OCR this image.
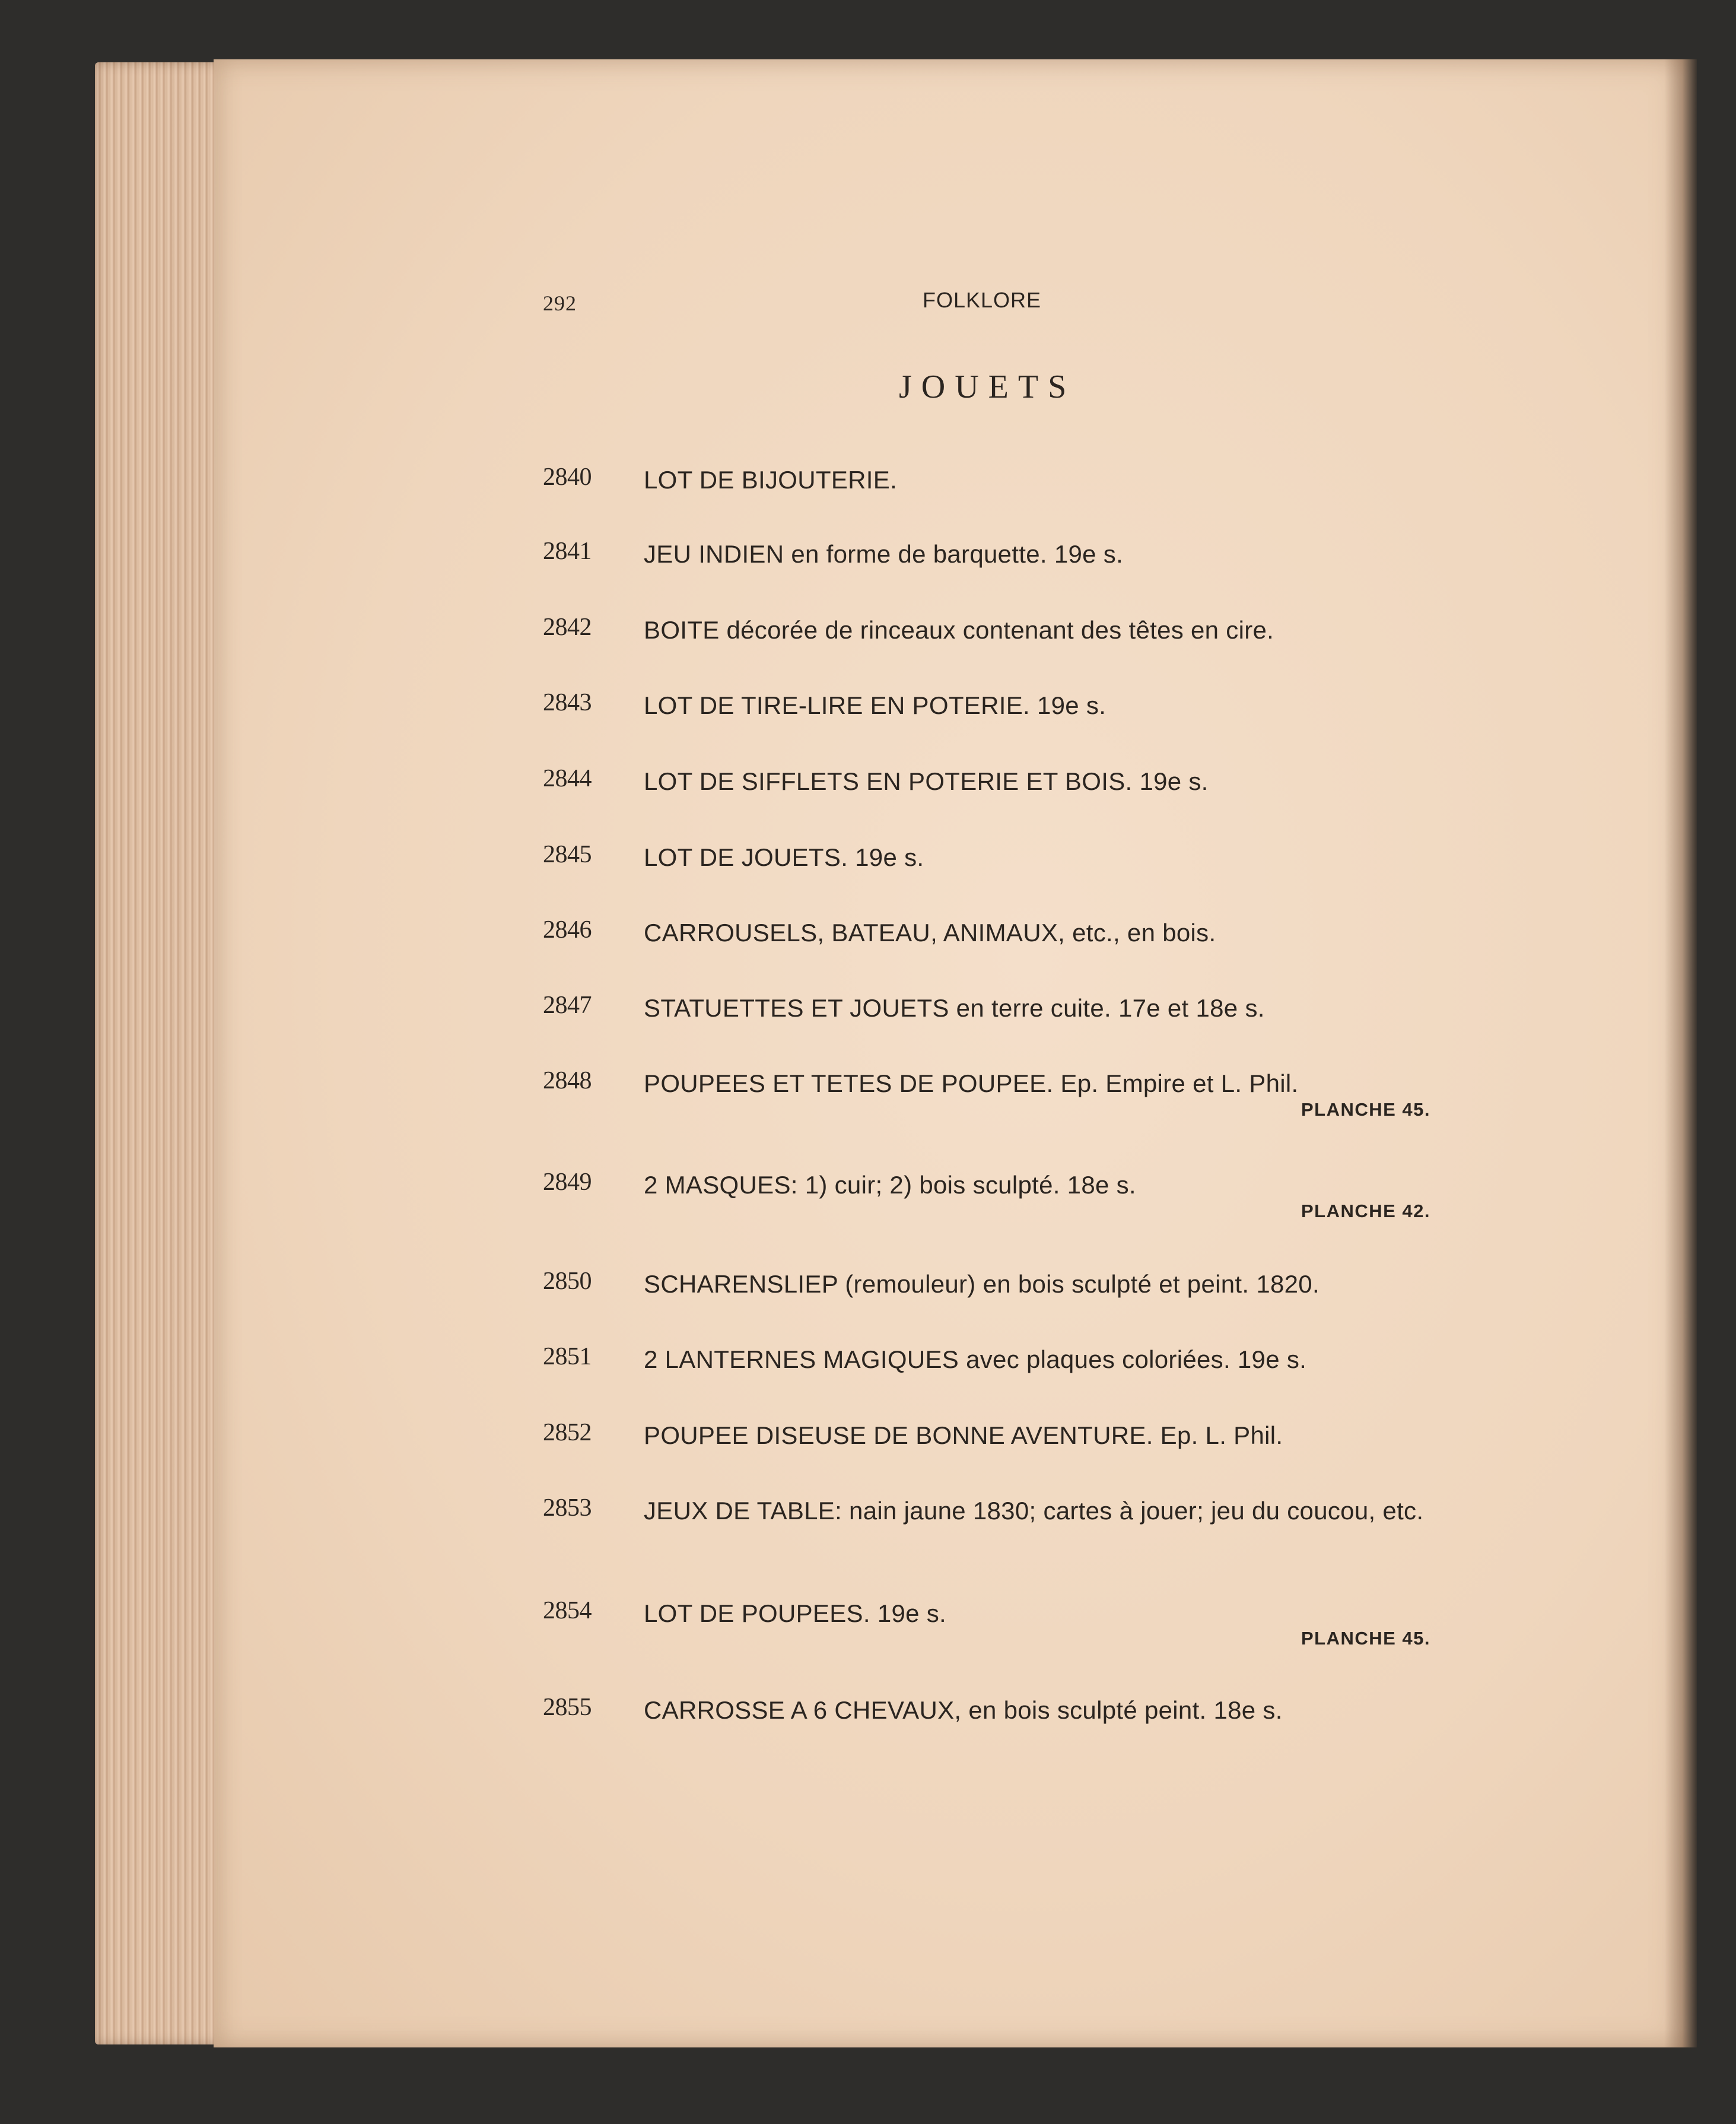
292	FOLKLORE
JOUETS
2840 LOT DE BIJOUTERIE.
2841 JEU INDIEN en forme de barquette. 19e s.
2842 BOITE décorée de rinceaux contenant des têtes en cire.
2843 LOT DE TIRE-LIRE EN POTERIE. 19e s.
2844 LOT DE SIFFLETS EN POTERIE ET BOIS. 19e s.
2845 LOT DE JOUETS. 19e s.
2846 CARROUSELS, BATEAU, ANIMAUX, etc., en bois.
2847 STATUETTES ET JOUETS en terre cuite. 17e et 18e s.
2848 POUPEES ET TETES DE POUPEE. Ep. Empire et L. Phil.
PLANCHE 45.
2849 2 MASQUES: 1) cuir; 2) bois sculpté. 18e s.
PLANCHE 42.
2850 SCHARENSLIEP (remouleur) en bois sculpté et peint. 1820.
2851 2 LANTERNES MAGIQUES avec plaques coloriées. 19e s.
2852 POUPEE DISEUSE DE BONNE AVENTURE. Ep. L. Phil.
2853 JEUX DE TABLE: nain jaune 1830; cartes à jouer; jeu du coucou, etc.
2854 LOT DE POUPEES. 19e s.
PLANCHE 45.
2855 CARROSSE A 6 CHEVAUX, en bois sculpté peint. 18e s.
